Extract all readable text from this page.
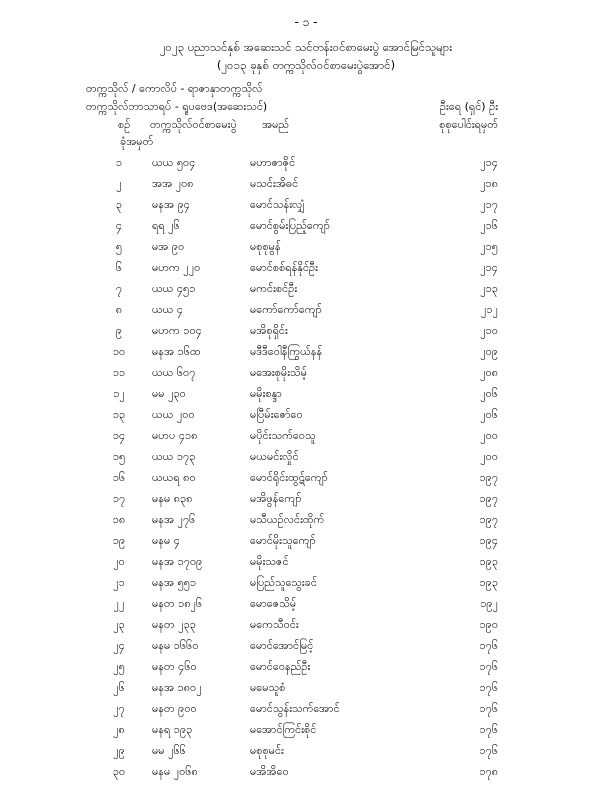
- ၁ -
၂၀၂၃ ပညာသင်နှစ် အဆေးသင် သင်တန်းဝင်စာမေးပွဲ အောင်မြင်သူများ
(၂၀၁၃ ခုနှစ် တက္ကသိုလ်ဝင်စာမေးပွဲအောင်)
တက္ကသိုလ် / ကောလိပ် - ရာဇာနှာတက္ကသိုလ်
တက္ကသိုလ်ဘာသာရပ် - ရူပဗေဒ(အဆေးသင်)	ဦးရေ (ရှင်) ဦး
စဉ် တက္ကသိုလ်ဝင်စာမေးပွဲ
ခုံအမှတ်
အမည်	စုစုပေါင်းရမှတ်
၁	ယယ ၅၀၄	မဟာဇာဇိုင်	၂၁၄
၂	အအ ၂၀၈	မသင်းအိဓင်	၂၁၈
၃	မနအ ၉၄	မောင်သန်းလျှံ	၂၁၇
၄	ရရ ၂၆	မောင်စွမ်းပြည့်ကျော်	၂၁၆
၅	မအ ၉၀	မစုစုမွန်	၂၁၅
၆	မဟက ၂၂၀	မောင်စစ်ရန်နိုင်ဦး	၂၁၄
၇	ယယ ၄၅၁	မကင်းစင်ဦး	၂၁၃
၈	ယယ ၄	မကော်ကော်ကျော်	၂၁၂
၉	မဟက ၁၀၄	မအိစုရှိင်း	၂၁၀
၁၀	မနအ ၁၆ထ	မဒီဒီဝေါနီကြွယ်နန်	၂၀၉
၁၁	ယယ ၆၀၇	မအေးစုမိုးသိမ့်	၂၀၈
၁၂	မမ ၂၃၀	မမိုးစန္ဒာ	၂၀၆
၁၃	ယယ ၂၀၀	မပြီမ်းဇော်ဝေ	၂၀၆
၁၄	မဟပ ၄၁၈	မပိုင်းသက်ဝေသူ	၂၀၀
၁၅	ယယ ၁၇၃	မယမင်းလှိုင်	၂၀၀
၁၆	ယယရ ၈၀	မောင်ရိုင်းထွဋ်ကျော်	၁၉၇
၁၇	မနမ ၈၃၈	မအိဖွန်ကျော်	၁၉၇
၁၈	မနအ ၂၇၆	မသီယဉ်လင်းထိုက်	၁၉၇
၁၉	မနမ ၄	မောင်မိုးသူကျော်	၁၉၄
၂၀	မနအ ၁၇၀၉	မမိုးသဇင်	၁၉၃
၂၁	မနအ ၅၅၁	မပြည်သူသွေးခင်	၁၉၃
၂၂	မနတ ၁၈၂၆	မောဇေသိမ့်	၁၉၂
၂၃	မနတ ၂၃၃	မကေသီဝင်း	၁၉၀
၂၄	မနမ ၁၆၆၀	မောင်အောင်မြင့်	၁၇၆
၂၅	မနတ ၄၆၀	မောင်ဝေနည်ဦး	၁၇၆
၂၆	မနအ ၁၈၀၂	မမေသူစံ	၁၇၆
၂၇	မနတ ၉၀၀	မောင်သွန်းသက်အောင်	၁၇၆
၂၈	မနရ ၁၉၃	မအောင်ကြင်းစိုင်	၁၇၆
၂၉	မမ ၂၆၆	မစုစုမင်း	၁၇၆
၃၀	မနမ ၂၀၆၈	မအိအိဝေ	၁၇၈
